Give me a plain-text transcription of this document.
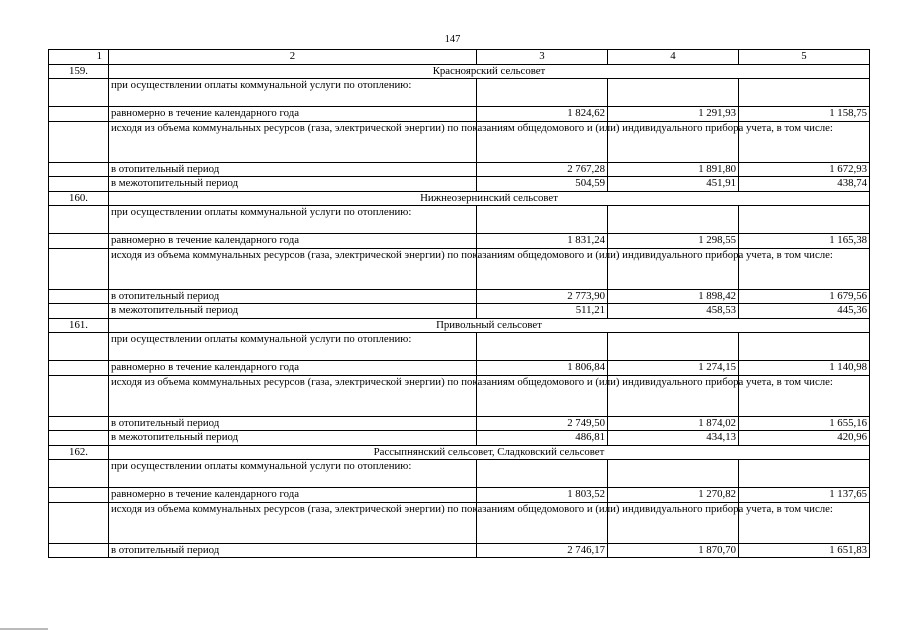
147
1	2	3	4	5
159.	Красноярский сельсовет			
	при осуществлении оплаты коммунальной услуги по отоплению:			
	равномерно в течение календарного года	1 824,62	1 291,93	1 158,75
	исходя из объема коммунальных ресурсов (газа, электрической энергии) по показаниям общедомового и (или) индивидуального прибора учета, в том числе:			
	в отопительный период	2 767,28	1 891,80	1 672,93
	в межотопительный период	504,59	451,91	438,74
160.	Нижнеозернинский сельсовет			
	при осуществлении оплаты коммунальной услуги по отоплению:			
	равномерно в течение календарного года	1 831,24	1 298,55	1 165,38
	исходя из объема коммунальных ресурсов (газа, электрической энергии) по показаниям общедомового и (или) индивидуального прибора учета, в том числе:			
	в отопительный период	2 773,90	1 898,42	1 679,56
	в межотопительный период	511,21	458,53	445,36
161.	Привольный сельсовет			
	при осуществлении оплаты коммунальной услуги по отоплению:			
	равномерно в течение календарного года	1 806,84	1 274,15	1 140,98
	исходя из объема коммунальных ресурсов (газа, электрической энергии) по показаниям общедомового и (или) индивидуального прибора учета, в том числе:			
	в отопительный период	2 749,50	1 874,02	1 655,16
	в межотопительный период	486,81	434,13	420,96
162.	Рассыпнянский сельсовет, Сладковский сельсовет			
	при осуществлении оплаты коммунальной услуги по отоплению:			
	равномерно в течение календарного года	1 803,52	1 270,82	1 137,65
	исходя из объема коммунальных ресурсов (газа, электрической энергии) по показаниям общедомового и (или) индивидуального прибора учета, в том числе:			
	в отопительный период	2 746,17	1 870,70	1 651,83
